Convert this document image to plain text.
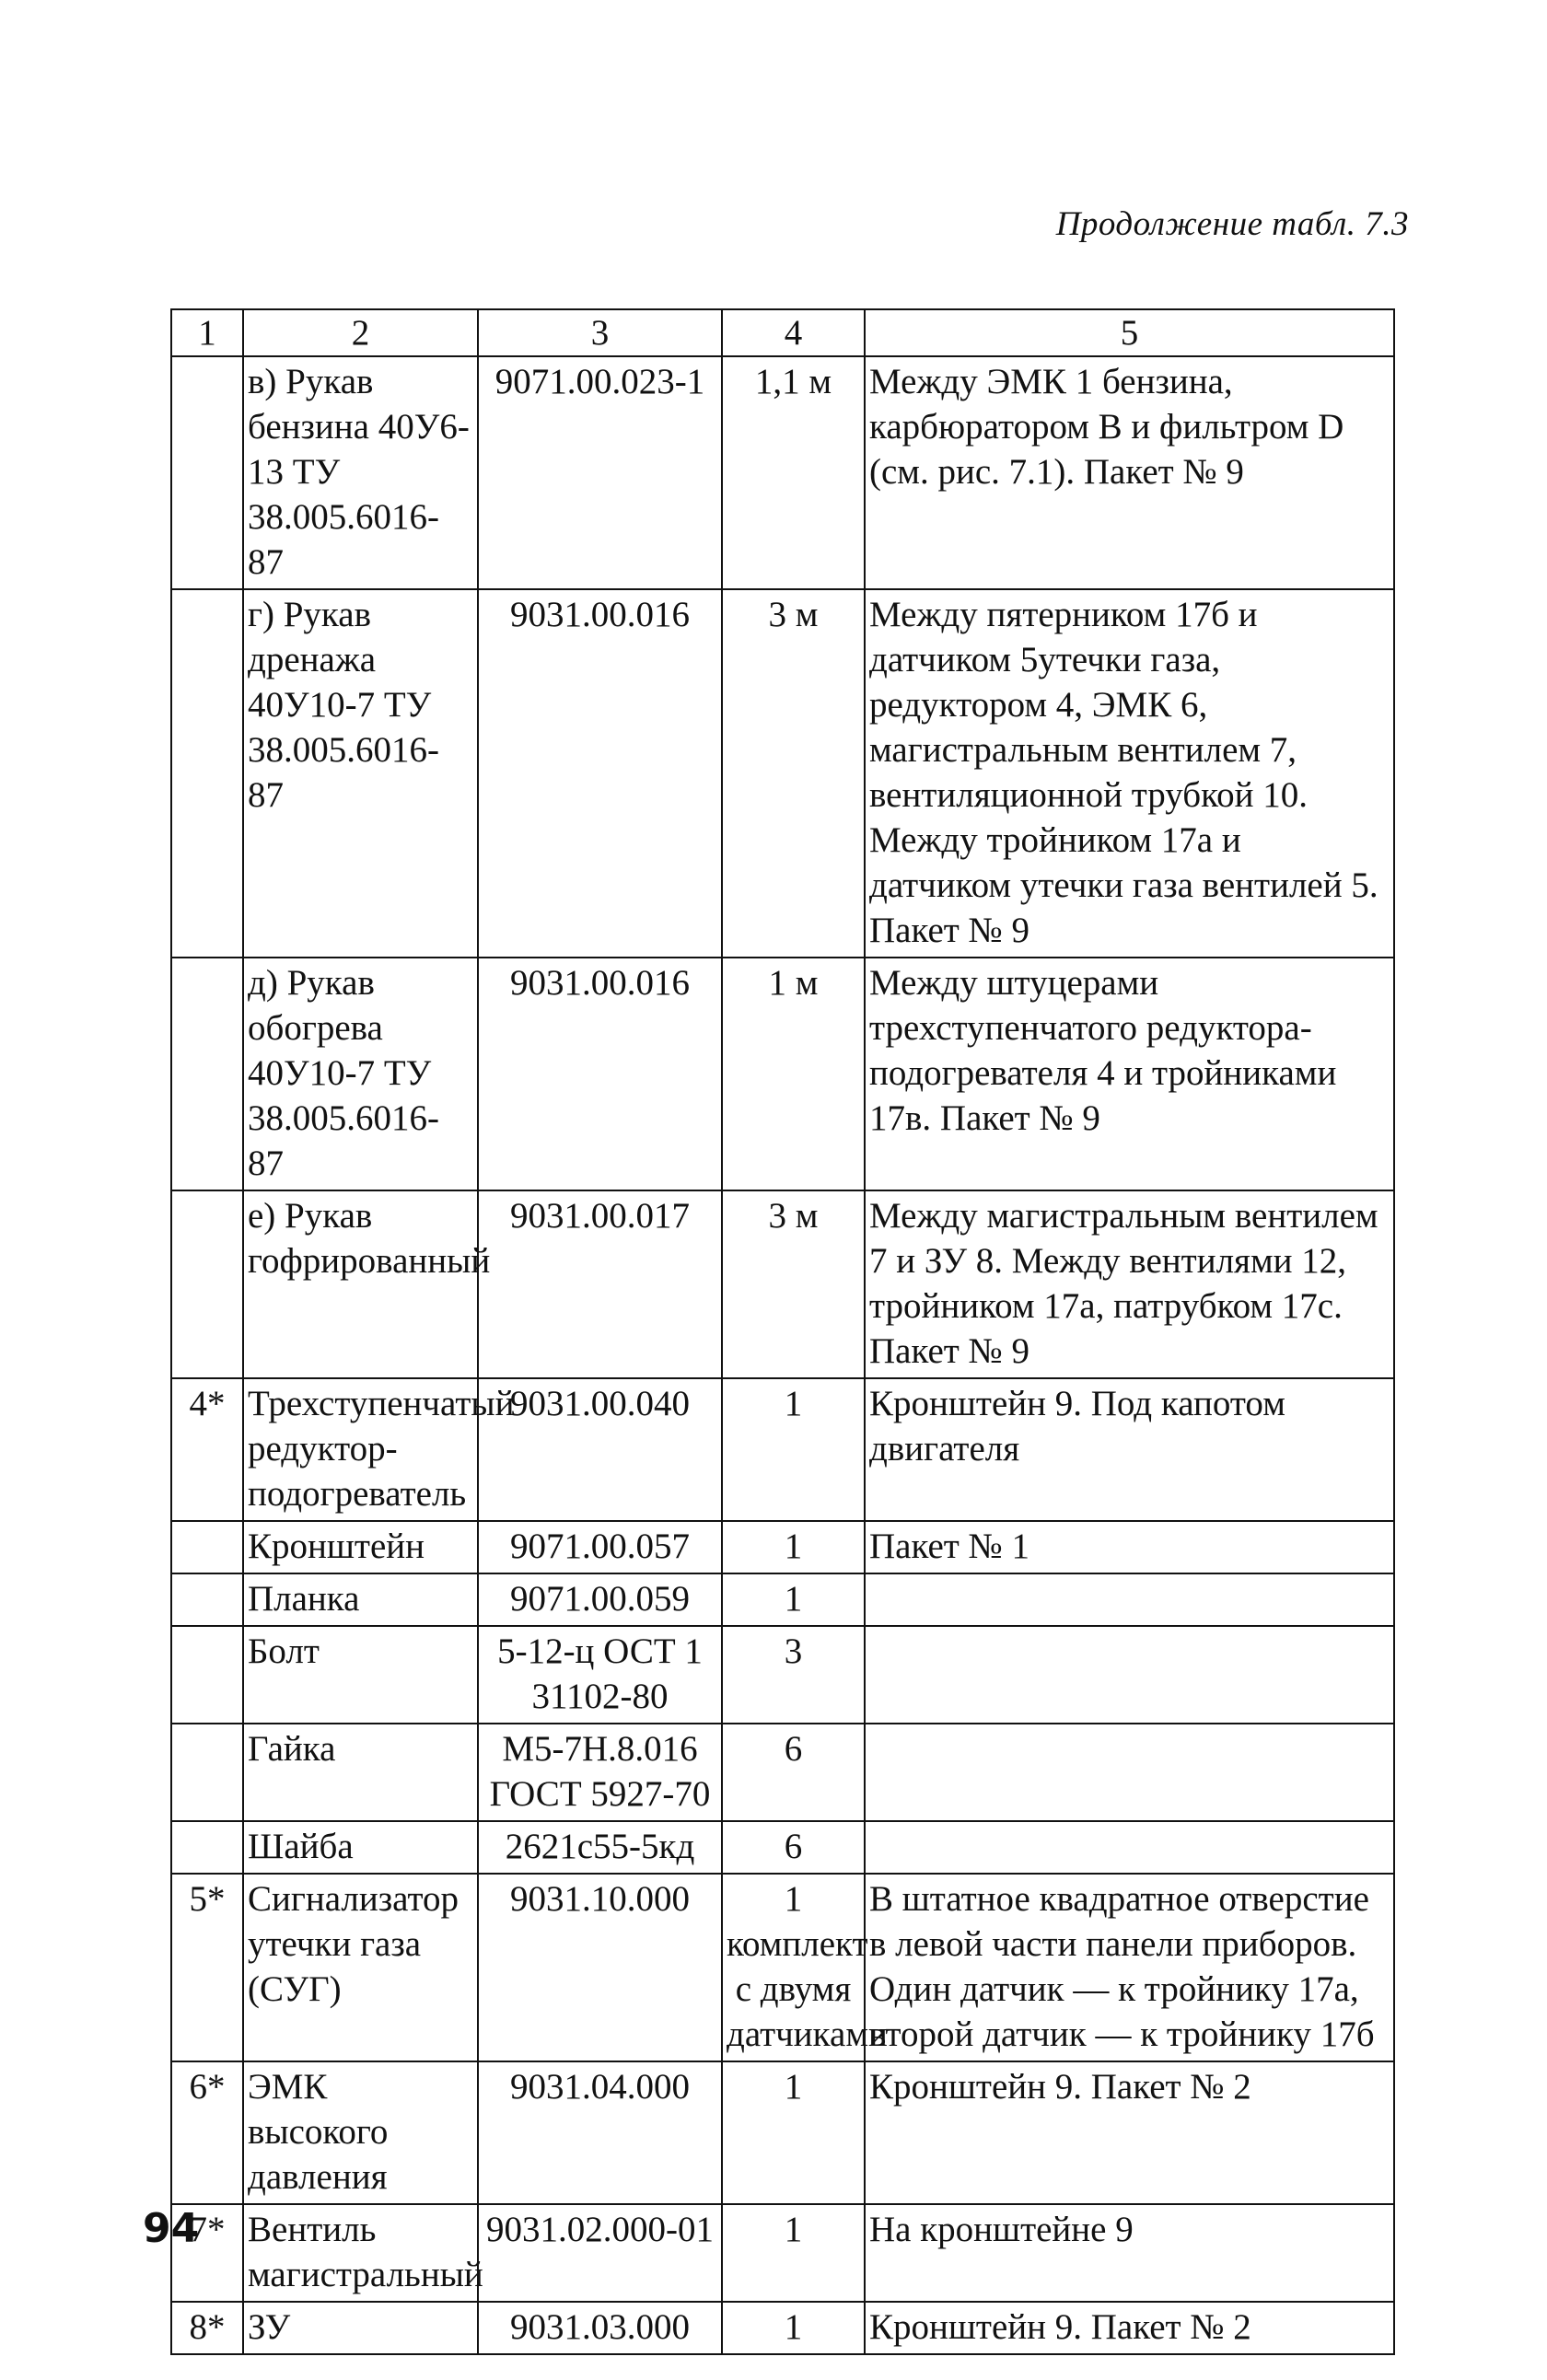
Продолжение табл. 7.3
1	2	3	4	5
	в) Рукав бензина 40У6-13 ТУ 38.005.6016-87	9071.00.023-1	1,1 м	Между ЭМК 1 бензина, карбюратором B и фильтром D (см. рис. 7.1). Пакет № 9
	г) Рукав дренажа 40У10-7 ТУ 38.005.6016-87	9031.00.016	3 м	Между пятерником 17б и датчиком 5утечки газа, редуктором 4, ЭМК 6, магистральным вентилем 7, вентиляционной трубкой 10. Между тройником 17а и датчиком утечки газа вентилей 5. Пакет № 9
	д) Рукав обогрева 40У10-7 ТУ 38.005.6016-87	9031.00.016	1 м	Между штуцерами трехступенчатого редуктора-подогревателя 4 и тройниками 17в. Пакет № 9
	е) Рукав гофрированный	9031.00.017	3 м	Между магистральным вентилем 7 и ЗУ 8. Между вентилями 12, тройником 17а, патрубком 17с. Пакет № 9
4*	Трехступенчатый редуктор-подогреватель	9031.00.040	1	Кронштейн 9. Под капотом двигателя
	Кронштейн	9071.00.057	1	Пакет № 1
	Планка	9071.00.059	1	
	Болт	5-12-ц ОСТ 1 31102-80	3	
	Гайка	М5-7Н.8.016 ГОСТ 5927-70	6	
	Шайба	2621с55-5кд	6	
5*	Сигнализатор утечки газа (СУГ)	9031.10.000	1 комплект с двумя датчиками	В штатное квадратное отверстие в левой части панели приборов. Один датчик — к тройнику 17а, второй датчик — к тройнику 17б
6*	ЭМК высокого давления	9031.04.000	1	Кронштейн 9. Пакет № 2
7*	Вентиль магистральный	9031.02.000-01	1	На кронштейне 9
8*	ЗУ	9031.03.000	1	Кронштейн 9. Пакет № 2
94
